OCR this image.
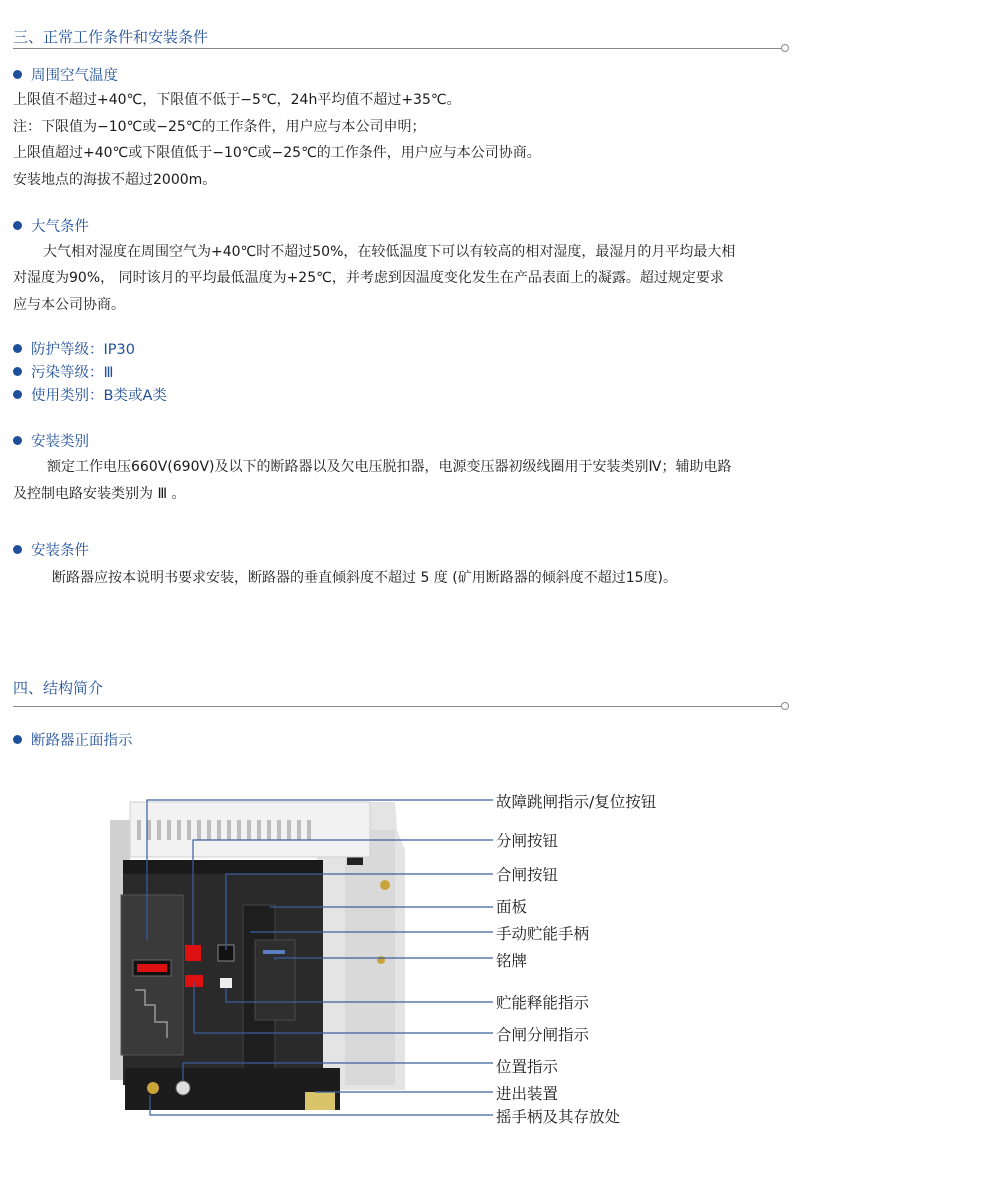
三、正常工作条件和安装条件
周围空气温度
上限值不超过+40℃，下限值不低于−5℃，24h平均值不超过+35℃。
注：下限值为−10℃或−25℃的工作条件，用户应与本公司申明；
上限值超过+40℃或下限值低于−10℃或−25℃的工作条件，用户应与本公司协商。
安装地点的海拔不超过2000m。
大气条件
大气相对湿度在周围空气为+40℃时不超过50%，在较低温度下可以有较高的相对湿度，最湿月的月平均最大相
对湿度为90%， 同时该月的平均最低温度为+25℃，并考虑到因温度变化发生在产品表面上的凝露。超过规定要求
应与本公司协商。
防护等级：IP30
污染等级：Ⅲ
使用类别：B类或A类
安装类别
额定工作电压660V(690V)及以下的断路器以及欠电压脱扣器，电源变压器初级线圈用于安装类别Ⅳ；辅助电路
及控制电路安装类别为 Ⅲ 。
安装条件
断路器应按本说明书要求安装，断路器的垂直倾斜度不超过 5 度 (矿用断路器的倾斜度不超过15度)。
四、结构简介
断路器正面指示
故障跳闸指示/复位按钮
分闸按钮
合闸按钮
面板
手动贮能手柄
铭牌
贮能释能指示
合闸分闸指示
位置指示
进出装置
摇手柄及其存放处
